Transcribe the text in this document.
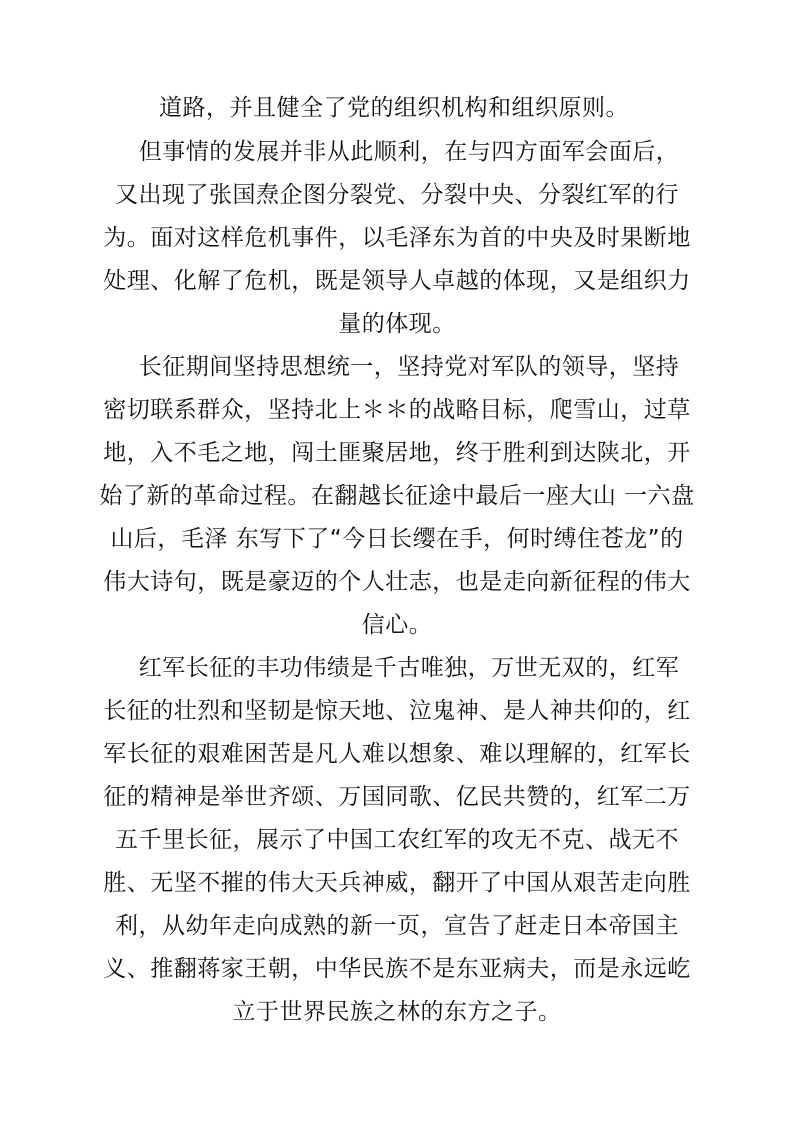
道路，并且健全了党的组织机构和组织原则。
但事情的发展并非从此顺利，在与四方面军会面后，
又出现了张国焘企图分裂党、分裂中央、分裂红军的行
为。面对这样危机事件，以毛泽东为首的中央及时果断地
处理、化解了危机，既是领导人卓越的体现，又是组织力
量的体现。
长征期间坚持思想统一，坚持党对军队的领导，坚持
密切联系群众，坚持北上＊＊的战略目标，爬雪山，过草
地，入不毛之地，闯土匪聚居地，终于胜利到达陕北，开
始了新的革命过程。在翻越长征途中最后一座大山 一六盘
山后，毛泽 东写下了“今日长缨在手，何时缚住苍龙”的
伟大诗句，既是豪迈的个人壮志，也是走向新征程的伟大
信心。
红军长征的丰功伟绩是千古唯独，万世无双的，红军
长征的壮烈和坚韧是惊天地、泣鬼神、是人神共仰的，红
军长征的艰难困苦是凡人难以想象、难以理解的，红军长
征的精神是举世齐颂、万国同歌、亿民共赞的，红军二万
五千里长征，展示了中国工农红军的攻无不克、战无不
胜、无坚不摧的伟大天兵神威，翻开了中国从艰苦走向胜
利，从幼年走向成熟的新一页，宣告了赶走日本帝国主
义、推翻蒋家王朝，中华民族不是东亚病夫，而是永远屹
立于世界民族之林的东方之子。
